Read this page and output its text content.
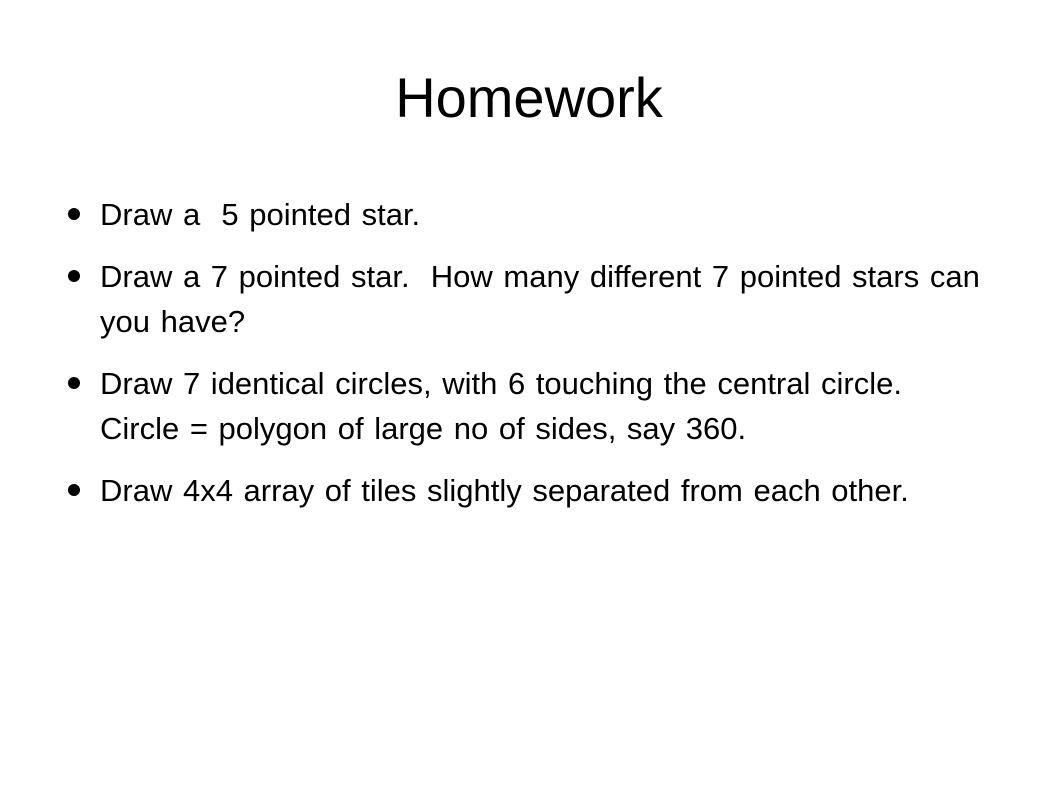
Homework
Draw a  5 pointed star.
Draw a 7 pointed star.  How many different 7 pointed stars can you have?
Draw 7 identical circles, with 6 touching the central circle.  Circle = polygon of large no of sides, say 360.
Draw 4x4 array of tiles slightly separated from each other.
